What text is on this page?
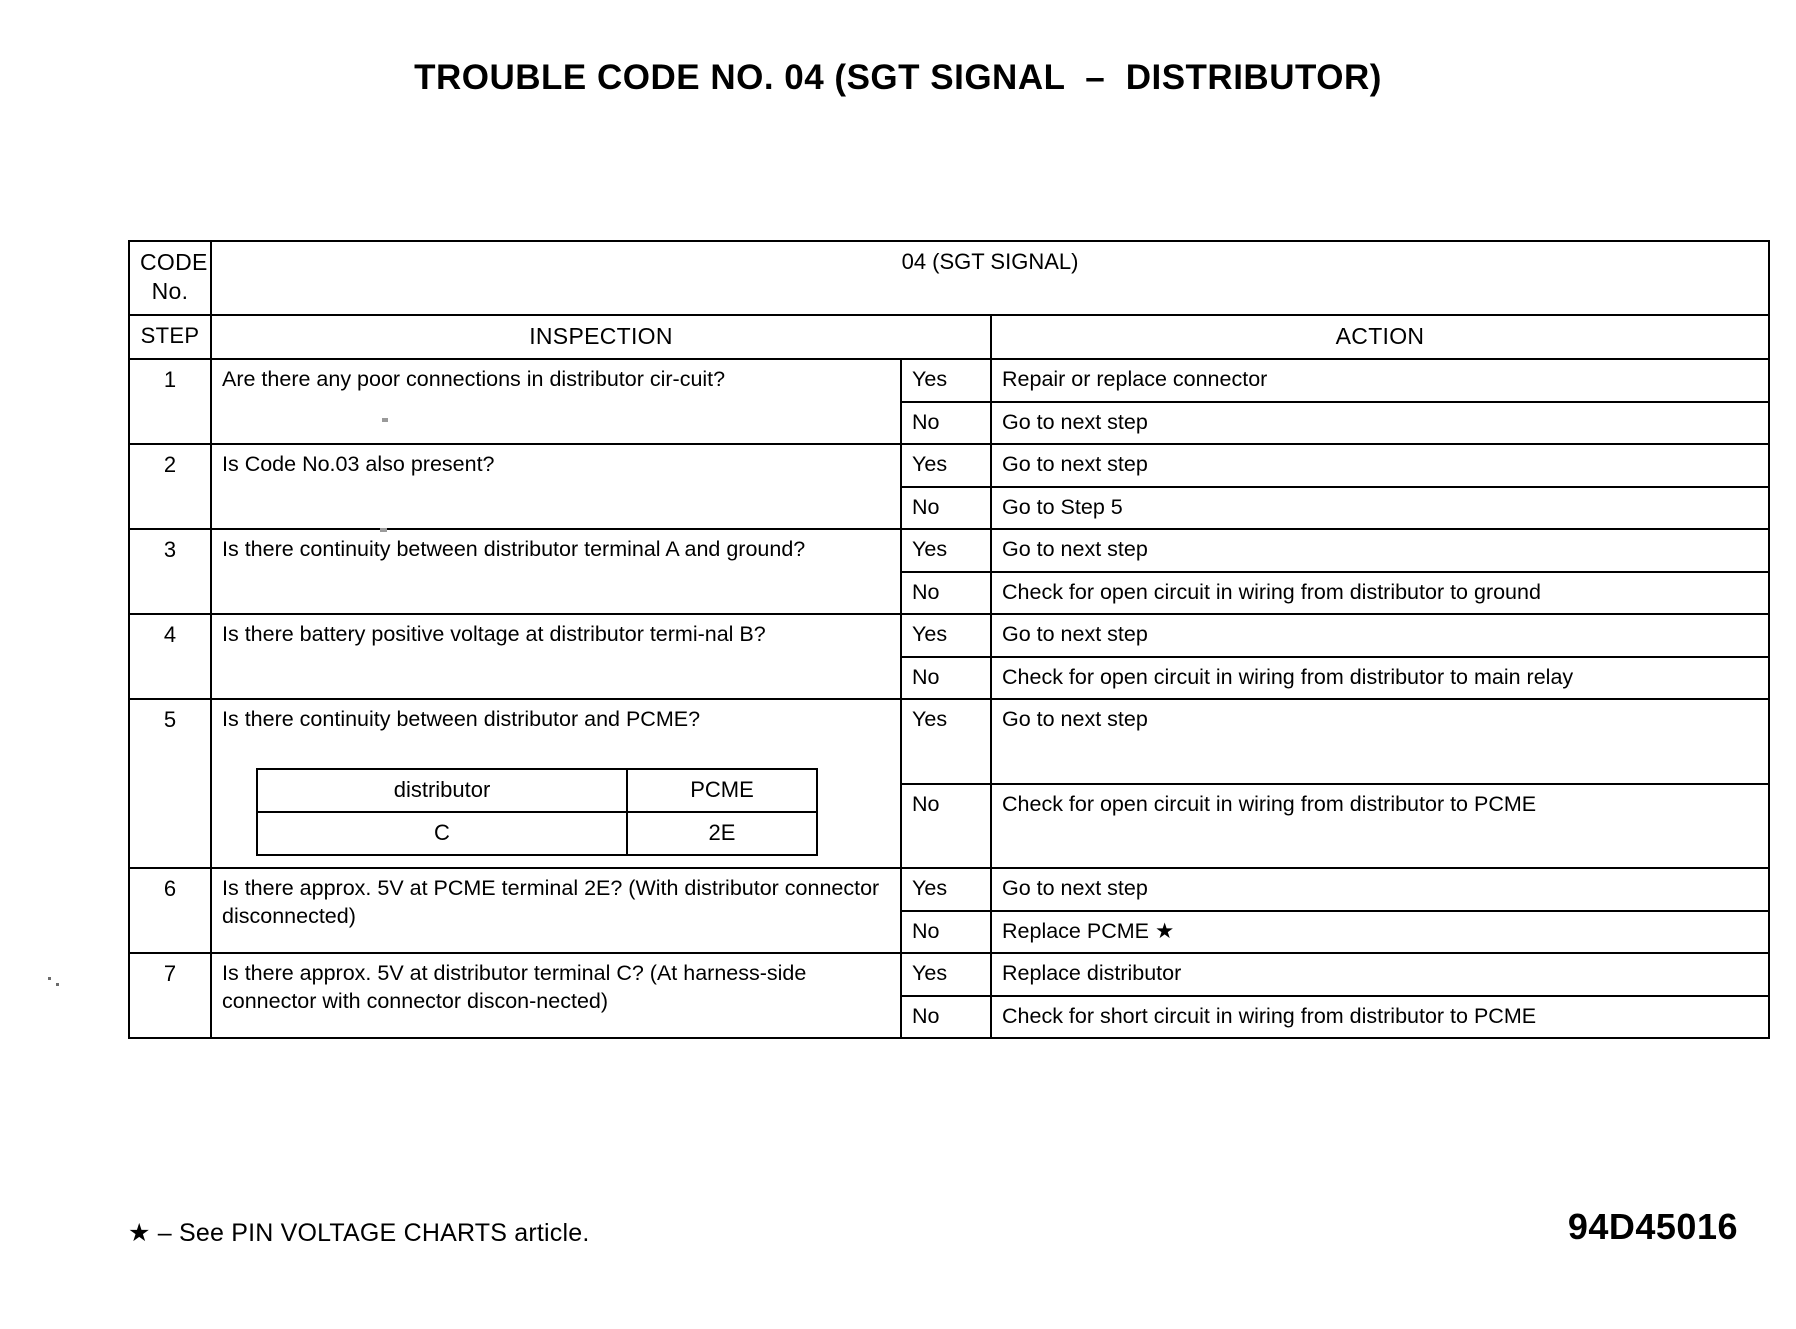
TROUBLE CODE NO. 04 (SGT SIGNAL  –  DISTRIBUTOR)
CODE No.	04 (SGT SIGNAL)
STEP	INSPECTION	ACTION
1	Are there any poor connections in distributor cir-cuit?	Yes	Repair or replace connector
No	Go to next step
2	Is Code No.03 also present?	Yes	Go to next step
No	Go to Step 5
3	Is there continuity between distributor terminal A and ground?	Yes	Go to next step
No	Check for open circuit in wiring from distributor to ground
4	Is there battery positive voltage at distributor termi-nal B?	Yes	Go to next step
No	Check for open circuit in wiring from distributor to main relay
5	Is there continuity between distributor and PCME?
distributor	PCME
C	2E
	Yes	Go to next step
No	Check for open circuit in wiring from distributor to PCME
6	Is there approx. 5V at PCME terminal 2E? (With distributor connector disconnected)	Yes	Go to next step
No	Replace PCME ★
7	Is there approx. 5V at distributor terminal C? (At harness-side connector with connector discon-nected)	Yes	Replace distributor
No	Check for short circuit in wiring from distributor to PCME
★ – See PIN VOLTAGE CHARTS article.	94D45016
